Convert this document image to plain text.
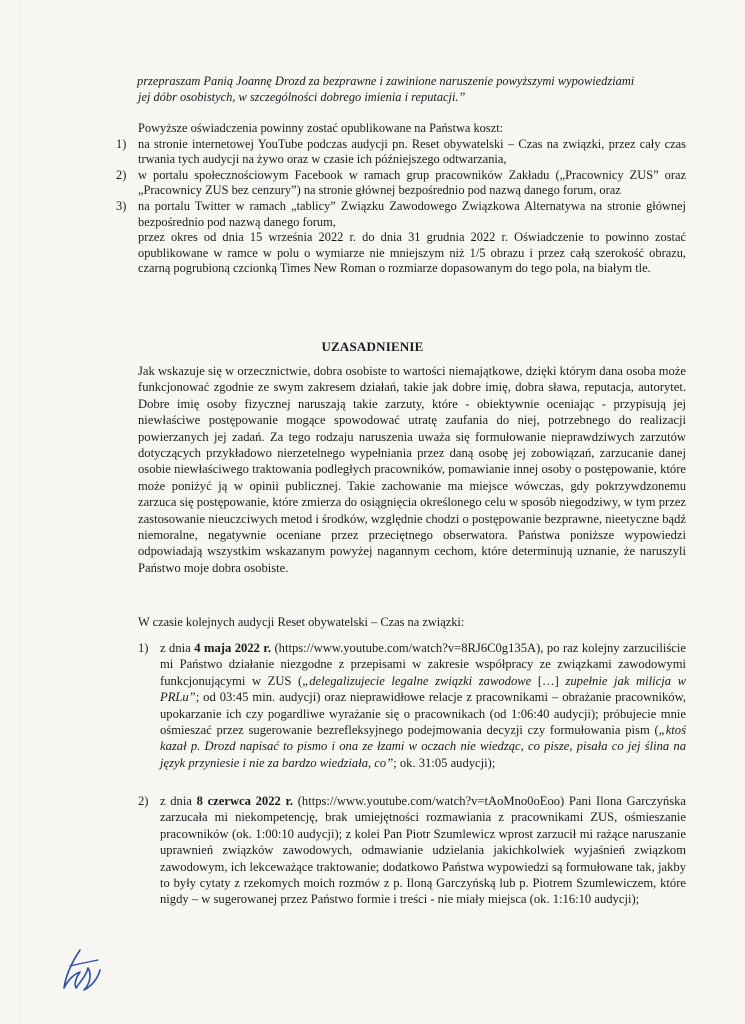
przepraszam Panią Joannę Drozd za bezprawne i zawinione naruszenie powyższymi wypowiedziami
jej dóbr osobistych, w szczególności dobrego imienia i reputacji.”
Powyższe oświadczenia powinny zostać opublikowane na Państwa koszt:
1) na stronie internetowej YouTube podczas audycji pn. Reset obywatelski – Czas na związki, przez cały czas trwania tych audycji na żywo oraz w czasie ich późniejszego odtwarzania,
2) w portalu społecznościowym Facebook w ramach grup pracowników Zakładu („Pracownicy ZUS” oraz „Pracownicy ZUS bez cenzury”) na stronie głównej bezpośrednio pod nazwą danego forum, oraz
3) na portalu Twitter w ramach „tablicy” Związku Zawodowego Związkowa Alternatywa na stronie głównej bezpośrednio pod nazwą danego forum,
przez okres od dnia 15 września 2022 r. do dnia 31 grudnia 2022 r. Oświadczenie to powinno zostać opublikowane w ramce w polu o wymiarze nie mniejszym niż 1/5 obrazu i przez całą szerokość obrazu, czarną pogrubioną czcionką Times New Roman o rozmiarze dopasowanym do tego pola, na białym tle.
UZASADNIENIE
Jak wskazuje się w orzecznictwie, dobra osobiste to wartości niemajątkowe, dzięki którym dana osoba może funkcjonować zgodnie ze swym zakresem działań, takie jak dobre imię, dobra sława, reputacja, autorytet. Dobre imię osoby fizycznej naruszają takie zarzuty, które - obiektywnie oceniając - przypisują jej niewłaściwe postępowanie mogące spowodować utratę zaufania do niej, potrzebnego do realizacji powierzanych jej zadań. Za tego rodzaju naruszenia uważa się formułowanie nieprawdziwych zarzutów dotyczących przykładowo nierzetelnego wypełniania przez daną osobę jej zobowiązań, zarzucanie danej osobie niewłaściwego traktowania podległych pracowników, pomawianie innej osoby o postępowanie, które może poniżyć ją w opinii publicznej. Takie zachowanie ma miejsce wówczas, gdy pokrzywdzonemu zarzuca się postępowanie, które zmierza do osiągnięcia określonego celu w sposób niegodziwy, w tym przez zastosowanie nieuczciwych metod i środków, względnie chodzi o postępowanie bezprawne, nieetyczne bądź niemoralne, negatywnie oceniane przez przeciętnego obserwatora. Państwa poniższe wypowiedzi odpowiadają wszystkim wskazanym powyżej nagannym cechom, które determinują uznanie, że naruszyli Państwo moje dobra osobiste.
W czasie kolejnych audycji Reset obywatelski – Czas na związki:
1) z dnia 4 maja 2022 r. (https://www.youtube.com/watch?v=8RJ6C0g135A), po raz kolejny zarzuciliście mi Państwo działanie niezgodne z przepisami w zakresie współpracy ze związkami zawodowymi funkcjonującymi w ZUS („delegalizujecie legalne związki zawodowe […] zupełnie jak milicja w PRLu”; od 03:45 min. audycji) oraz nieprawidłowe relacje z pracownikami – obrażanie pracowników, upokarzanie ich czy pogardliwe wyrażanie się o pracownikach (od 1:06:40 audycji); próbujecie mnie ośmieszać przez sugerowanie bezrefleksyjnego podejmowania decyzji czy formułowania pism („ktoś kazał p. Drozd napisać to pismo i ona ze łzami w oczach nie wiedząc, co pisze, pisała co jej ślina na język przyniesie i nie za bardzo wiedziała, co”; ok. 31:05 audycji);
2) z dnia 8 czerwca 2022 r. (https://www.youtube.com/watch?v=tAoMno0oEoo) Pani Ilona Garczyńska zarzucała mi niekompetencję, brak umiejętności rozmawiania z pracownikami ZUS, ośmieszanie pracowników (ok. 1:00:10 audycji); z kolei Pan Piotr Szumlewicz wprost zarzucił mi rażące naruszanie uprawnień związków zawodowych, odmawianie udzielania jakichkolwiek wyjaśnień związkom zawodowym, ich lekceważące traktowanie; dodatkowo Państwa wypowiedzi są formułowane tak, jakby to były cytaty z rzekomych moich rozmów z p. Iloną Garczyńską lub p. Piotrem Szumlewiczem, które nigdy – w sugerowanej przez Państwo formie i treści - nie miały miejsca (ok. 1:16:10 audycji);
